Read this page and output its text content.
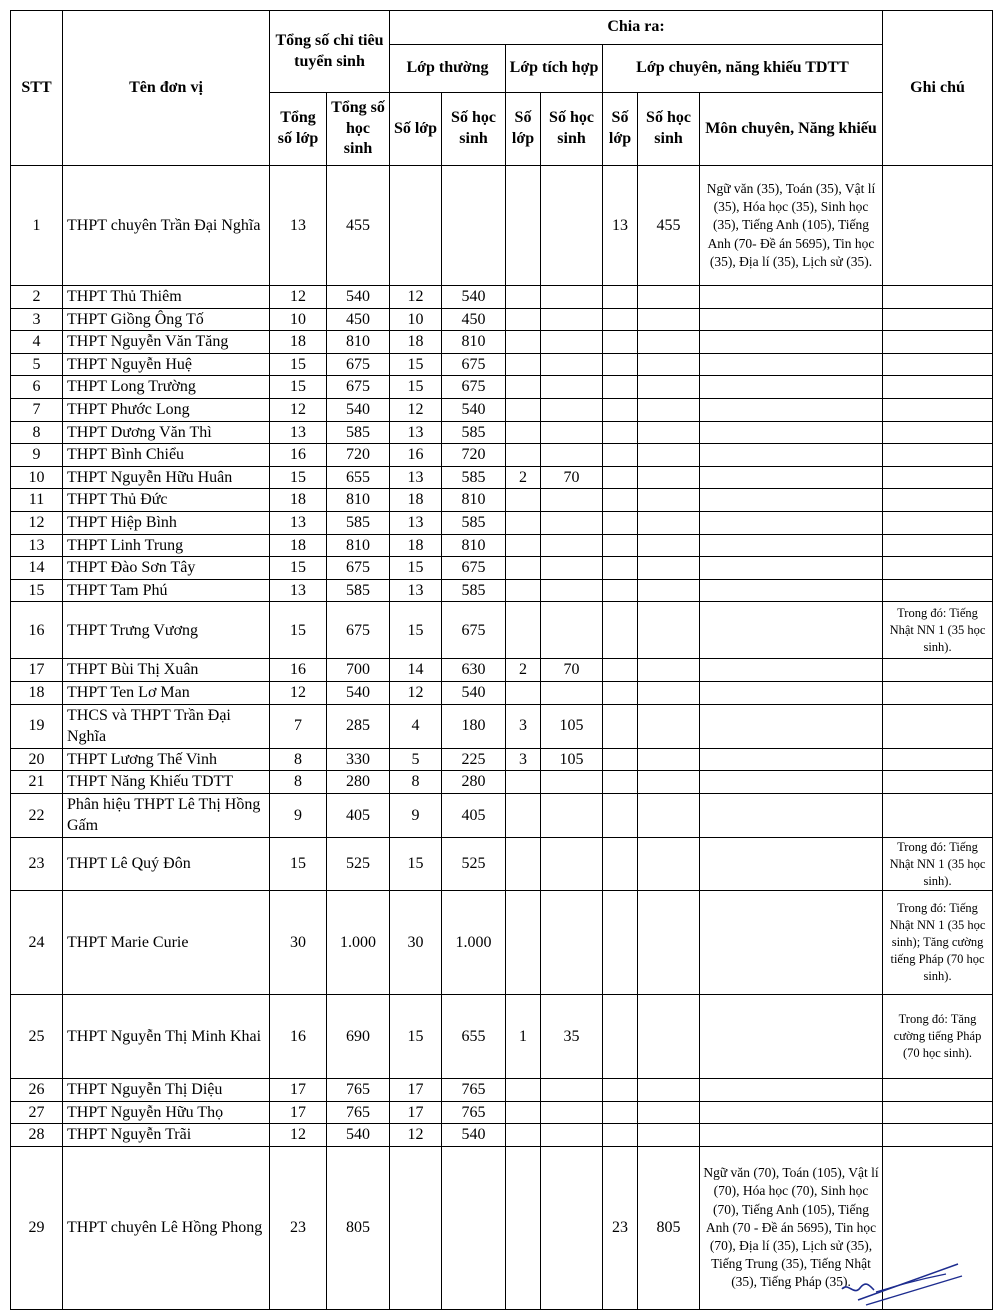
STT	Tên đơn vị	Tổng số chỉ tiêu tuyển sinh		Chia ra:							Ghi chú
				Lớp thường		Lớp tích hợp		Lớp chuyên, năng khiếu TDTT			
		Tổng số lớp	Tổng số học sinh	Số lớp	Số học sinh	Số lớp	Số học sinh	Số lớp	Số học sinh	Môn chuyên, Năng khiếu	
1	THPT chuyên Trần Đại Nghĩa	13	455					13	455	Ngữ văn (35), Toán (35), Vật lí (35), Hóa học (35), Sinh học (35), Tiếng Anh (105), Tiếng Anh (70- Đề án 5695), Tin học (35), Địa lí (35), Lịch sử (35).	
2	THPT Thủ Thiêm	12	540	12	540						
3	THPT Giồng Ông Tố	10	450	10	450						
4	THPT Nguyễn Văn Tăng	18	810	18	810						
5	THPT Nguyễn Huệ	15	675	15	675						
6	THPT Long Trường	15	675	15	675						
7	THPT Phước Long	12	540	12	540						
8	THPT Dương Văn Thì	13	585	13	585						
9	THPT Bình Chiểu	16	720	16	720						
10	THPT Nguyễn Hữu Huân	15	655	13	585	2	70				
11	THPT Thủ Đức	18	810	18	810						
12	THPT Hiệp Bình	13	585	13	585						
13	THPT Linh Trung	18	810	18	810						
14	THPT Đào Sơn Tây	15	675	15	675						
15	THPT Tam Phú	13	585	13	585						
16	THPT Trưng Vương	15	675	15	675						Trong đó: Tiếng Nhật NN 1 (35 học sinh).
17	THPT Bùi Thị Xuân	16	700	14	630	2	70				
18	THPT Ten Lơ Man	12	540	12	540						
19	THCS và THPT Trần Đại Nghĩa	7	285	4	180	3	105				
20	THPT Lương Thế Vinh	8	330	5	225	3	105				
21	THPT Năng Khiếu TDTT	8	280	8	280						
22	Phân hiệu THPT Lê Thị Hồng Gấm	9	405	9	405						
23	THPT Lê Quý Đôn	15	525	15	525						Trong đó: Tiếng Nhật NN 1 (35 học sinh).
24	THPT Marie Curie	30	1.000	30	1.000						Trong đó: Tiếng Nhật NN 1 (35 học sinh); Tăng cường tiếng Pháp (70 học sinh).
25	THPT Nguyễn Thị Minh Khai	16	690	15	655	1	35				Trong đó: Tăng cường tiếng Pháp (70 học sinh).
26	THPT Nguyễn Thị Diệu	17	765	17	765						
27	THPT Nguyễn Hữu Thọ	17	765	17	765						
28	THPT Nguyễn Trãi	12	540	12	540						
29	THPT chuyên Lê Hồng Phong	23	805					23	805	Ngữ văn (70), Toán (105), Vật lí (70), Hóa học (70), Sinh học (70), Tiếng Anh (105), Tiếng Anh (70 - Đề án 5695), Tin học (70), Địa lí (35), Lịch sử (35), Tiếng Trung (35), Tiếng Nhật (35), Tiếng Pháp (35).	
